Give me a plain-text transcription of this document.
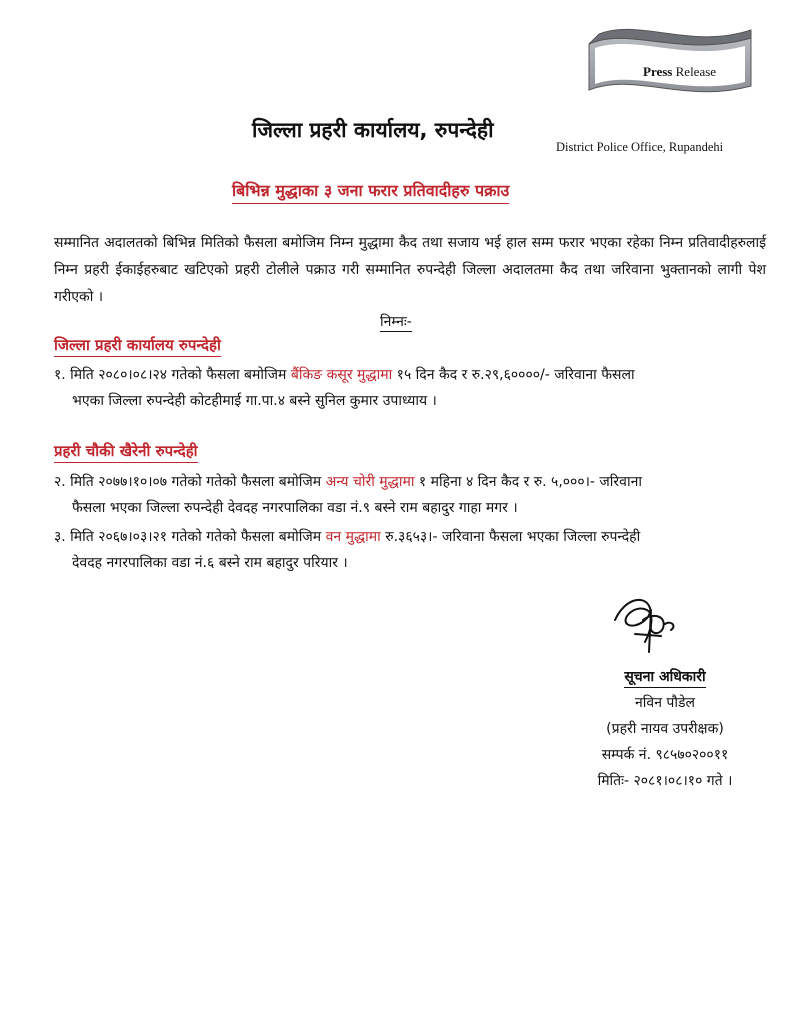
Press Release
जिल्ला प्रहरी कार्यालय, रुपन्देही
District Police Office, Rupandehi
बिभिन्न मुद्धाका ३ जना फरार प्रतिवादीहरु पक्राउ
सम्मानित अदालतको बिभिन्न मितिको फैसला बमोजिम निम्न मुद्धामा कैद तथा सजाय भई हाल सम्म फरार भएका रहेका निम्न प्रतिवादीहरुलाई निम्न प्रहरी ईकाईहरुबाट खटिएको प्रहरी टोलीले पक्राउ गरी सम्मानित रुपन्देही जिल्ला अदालतमा कैद तथा जरिवाना भुक्तानको लागी पेश गरीएको ।
निम्नः-
जिल्ला प्रहरी कार्यालय रुपन्देही
१. मिति २०८०।०८।२४ गतेको फैसला बमोजिम बैंकिङ कसूर मुद्धामा १५ दिन कैद र रु.२९,६००००/- जरिवाना फैसला
भएका जिल्ला रुपन्देही कोटहीमाई गा.पा.४ बस्ने सुनिल कुमार उपाध्याय ।
प्रहरी चौकी खैरेनी रुपन्देही
२. मिति २०७७।१०।०७ गतेको गतेको फैसला बमोजिम अन्य चोरी मुद्धामा १ महिना ४ दिन कैद र रु. ५,०००।- जरिवाना
फैसला भएका जिल्ला रुपन्देही देवदह नगरपालिका वडा नं.९ बस्ने राम बहादुर गाहा मगर ।
३. मिति २०६७।०३।२१ गतेको गतेको फैसला बमोजिम वन मुद्धामा रु.३६५३।- जरिवाना फैसला भएका जिल्ला रुपन्देही
देवदह नगरपालिका वडा नं.६ बस्ने राम बहादुर परियार ।
सूचना अधिकारी
नविन पौडेल
(प्रहरी नायव उपरीक्षक)
सम्पर्क नं. ९८५७०२००११
मितिः- २०८१।०८।१० गते ।
